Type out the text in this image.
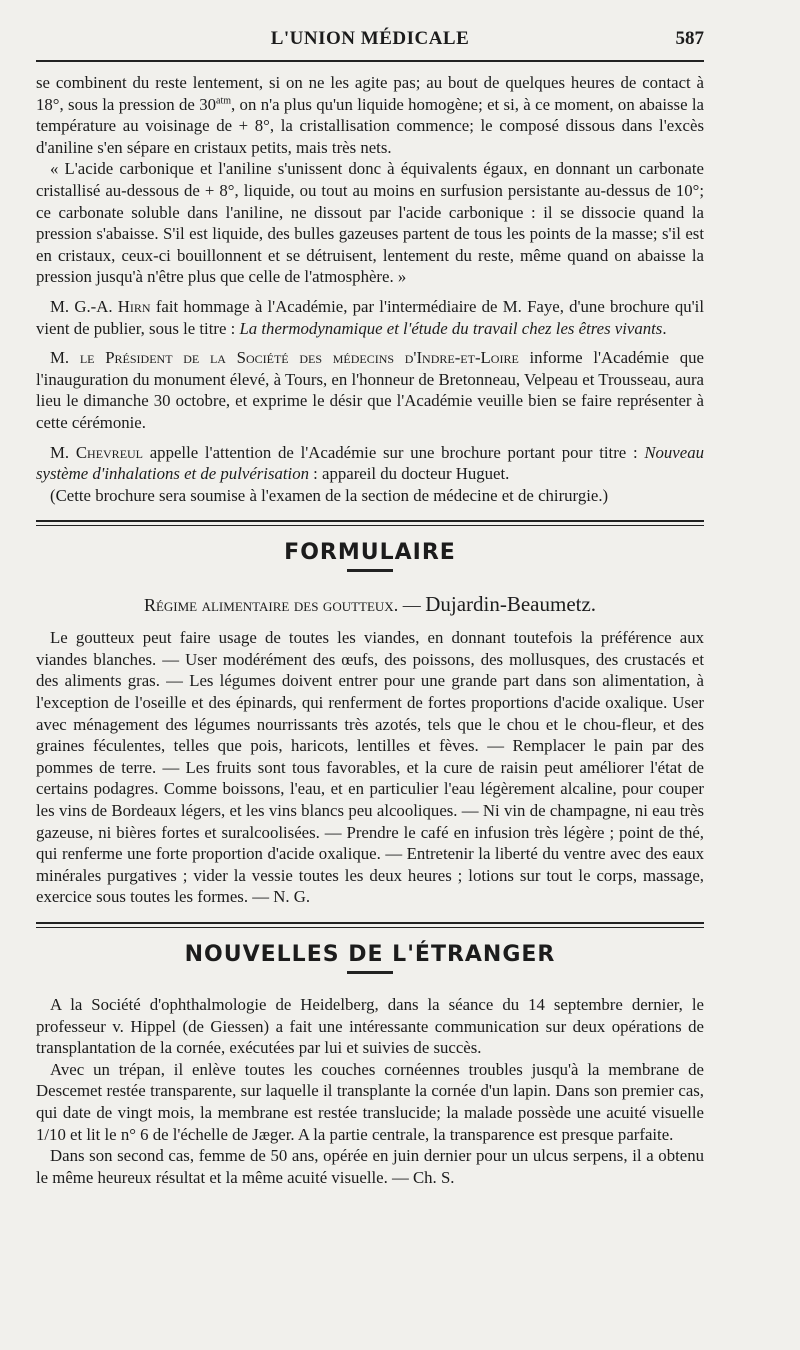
L'UNION MÉDICALE	587

se combinent du reste lentement, si on ne les agite pas; au bout de quelques heures de contact à 18°, sous la pression de $30^{atm}$, on n'a plus qu'un liquide homogène; et si, à ce moment, on abaisse la température au voisinage de + 8°, la cristallisation commence; le composé dissous dans l'excès d'aniline s'en sépare en cristaux petits, mais très nets.

« L'acide carbonique et l'aniline s'unissent donc à équivalents égaux, en donnant un carbonate cristallisé au-dessous de + 8°, liquide, ou tout au moins en surfusion persistante au-dessus de 10°; ce carbonate soluble dans l'aniline, ne dissout par l'acide carbonique : il se dissocie quand la pression s'abaisse. S'il est liquide, des bulles gazeuses partent de tous les points de la masse; s'il est en cristaux, ceux-ci bouillonnent et se détruisent, lentement du reste, même quand on abaisse la pression jusqu'à n'être plus que celle de l'atmosphère. »

M. G.-A. Hirn fait hommage à l'Académie, par l'intermédiaire de M. Faye, d'une brochure qu'il vient de publier, sous le titre : La thermodynamique et l'étude du travail chez les êtres vivants.

M. le Président de la Société des médecins d'Indre-et-Loire informe l'Académie que l'inauguration du monument élevé, à Tours, en l'honneur de Bretonneau, Velpeau et Trousseau, aura lieu le dimanche 30 octobre, et exprime le désir que l'Académie veuille bien se faire représenter à cette cérémonie.

M. Chevreul appelle l'attention de l'Académie sur une brochure portant pour titre : Nouveau système d'inhalations et de pulvérisation : appareil du docteur Huguet.

(Cette brochure sera soumise à l'examen de la section de médecine et de chirurgie.)

FORMULAIRE
Régime alimentaire des goutteux. — Dujardin-Beaumetz.

Le goutteux peut faire usage de toutes les viandes, en donnant toutefois la préférence aux viandes blanches. — User modérément des œufs, des poissons, des mollusques, des crustacés et des aliments gras. — Les légumes doivent entrer pour une grande part dans son alimentation, à l'exception de l'oseille et des épinards, qui renferment de fortes proportions d'acide oxalique. User avec ménagement des légumes nourrissants très azotés, tels que le chou et le chou-fleur, et des graines féculentes, telles que pois, haricots, lentilles et fèves. — Remplacer le pain par des pommes de terre. — Les fruits sont tous favorables, et la cure de raisin peut améliorer l'état de certains podagres. Comme boissons, l'eau, et en particulier l'eau légèrement alcaline, pour couper les vins de Bordeaux légers, et les vins blancs peu alcooliques. — Ni vin de champagne, ni eau très gazeuse, ni bières fortes et suralcoolisées. — Prendre le café en infusion très légère ; point de thé, qui renferme une forte proportion d'acide oxalique. — Entretenir la liberté du ventre avec des eaux minérales purgatives ; vider la vessie toutes les deux heures ; lotions sur tout le corps, massage, exercice sous toutes les formes. — N. G.

NOUVELLES DE L'ÉTRANGER

A la Société d'ophthalmologie de Heidelberg, dans la séance du 14 septembre dernier, le professeur v. Hippel (de Giessen) a fait une intéressante communication sur deux opérations de transplantation de la cornée, exécutées par lui et suivies de succès.

Avec un trépan, il enlève toutes les couches cornéennes troubles jusqu'à la membrane de Descemet restée transparente, sur laquelle il transplante la cornée d'un lapin. Dans son premier cas, qui date de vingt mois, la membrane est restée translucide; la malade possède une acuité visuelle 1/10 et lit le n° 6 de l'échelle de Jæger. A la partie centrale, la transparence est presque parfaite.

Dans son second cas, femme de 50 ans, opérée en juin dernier pour un ulcus serpens, il a obtenu le même heureux résultat et la même acuité visuelle. — Ch. S.
